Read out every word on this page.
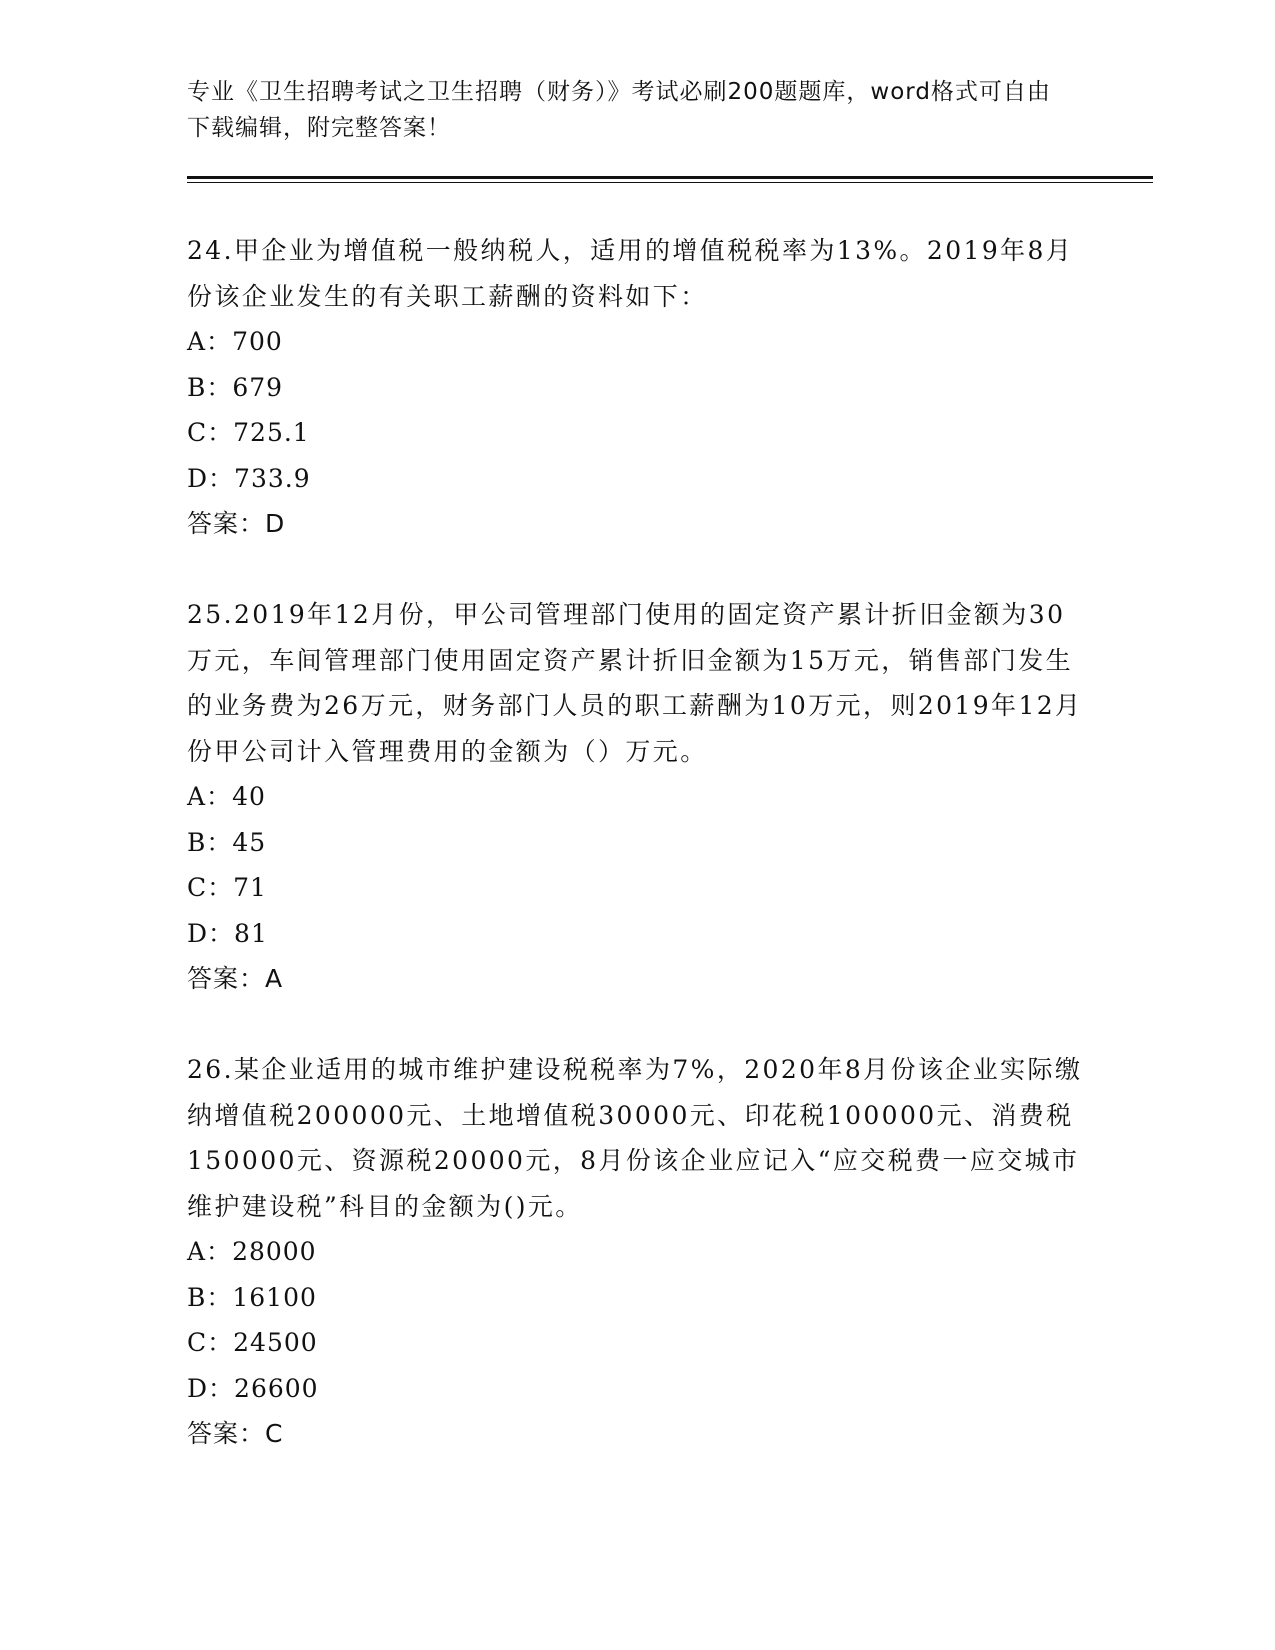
专业《卫生招聘考试之卫生招聘（财务）》考试必刷200题题库，word格式可自由下载编辑，附完整答案！

24.甲企业为增值税一般纳税人，适用的增值税税率为13%。2019年8月份该企业发生的有关职工薪酬的资料如下：

A：700

B：679

C：725.1

D：733.9

答案：D

25.2019年12月份，甲公司管理部门使用的固定资产累计折旧金额为30万元，车间管理部门使用固定资产累计折旧金额为15万元，销售部门发生的业务费为26万元，财务部门人员的职工薪酬为10万元，则2019年12月份甲公司计入管理费用的金额为（）万元。

A：40

B：45

C：71

D：81

答案：A

26.某企业适用的城市维护建设税税率为7%，2020年8月份该企业实际缴纳增值税200000元、土地增值税30000元、印花税100000元、消费税150000元、资源税20000元，8月份该企业应记入“应交税费一应交城市维护建设税”科目的金额为()元。

A：28000

B：16100

C：24500

D：26600

答案：C
